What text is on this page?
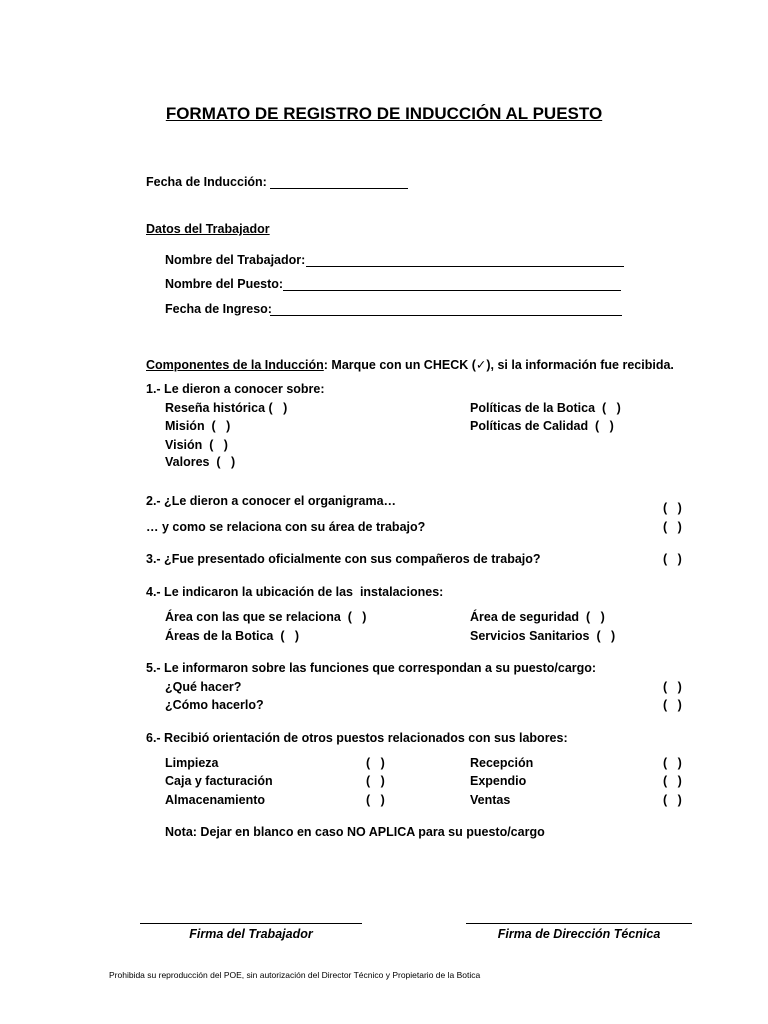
FORMATO DE REGISTRO DE INDUCCIÓN AL PUESTO
Fecha de Inducción:
Datos del Trabajador
Nombre del Trabajador:
Nombre del Puesto:
Fecha de Ingreso:
Componentes de la Inducción: Marque con un CHECK (✓), si la información fue recibida.
1.- Le dieron a conocer sobre:
Reseña histórica (   )
Misión  (   )
Visión  (   )
Valores  (   )
Políticas de la Botica  (   )
Políticas de Calidad  (   )
2.- ¿Le dieron a conocer el organigrama…	(   )
… y como se relaciona con su área de trabajo?	(   )
3.- ¿Fue presentado oficialmente con sus compañeros de trabajo?	(   )
4.- Le indicaron la ubicación de las  instalaciones:
Área con las que se relaciona  (   )
Áreas de la Botica  (   )
Área de seguridad  (   )
Servicios Sanitarios  (   )
5.- Le informaron sobre las funciones que correspondan a su puesto/cargo:
¿Qué hacer?	(   )
¿Cómo hacerlo?	(   )
6.- Recibió orientación de otros puestos relacionados con sus labores:
Limpieza	(   )	Recepción	(   )
Caja y facturación	(   )	Expendio	(   )
Almacenamiento	(   )	Ventas	(   )
Nota: Dejar en blanco en caso NO APLICA para su puesto/cargo
Firma del Trabajador	Firma de Dirección Técnica
Prohibida su reproducción del POE, sin autorización del Director Técnico y Propietario de la Botica
